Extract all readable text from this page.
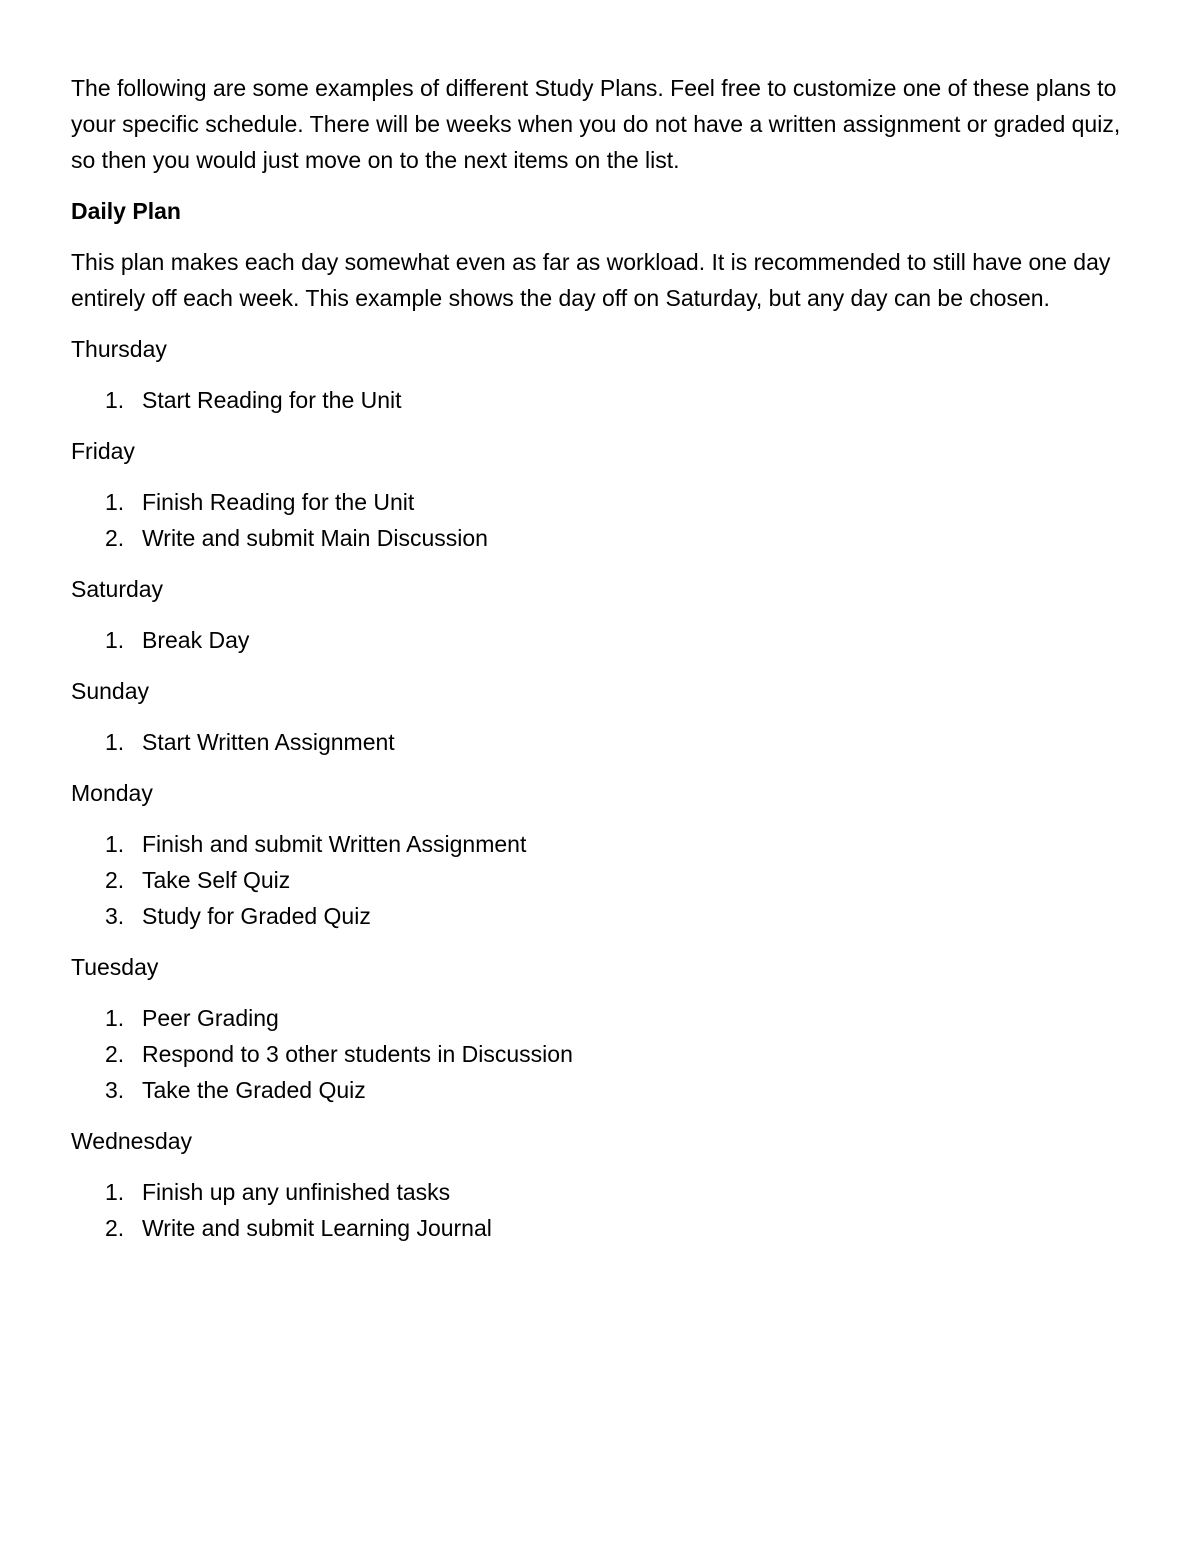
The following are some examples of different Study Plans. Feel free to customize one of these plans to your specific schedule. There will be weeks when you do not have a written assignment or graded quiz, so then you would just move on to the next items on the list.

Daily Plan

This plan makes each day somewhat even as far as workload. It is recommended to still have one day entirely off each week. This example shows the day off on Saturday, but any day can be chosen.

Thursday

1. Start Reading for the Unit

Friday

1. Finish Reading for the Unit
2. Write and submit Main Discussion

Saturday

1. Break Day

Sunday

1. Start Written Assignment

Monday

1. Finish and submit Written Assignment
2. Take Self Quiz
3. Study for Graded Quiz

Tuesday

1. Peer Grading
2. Respond to 3 other students in Discussion
3. Take the Graded Quiz

Wednesday

1. Finish up any unfinished tasks
2. Write and submit Learning Journal
